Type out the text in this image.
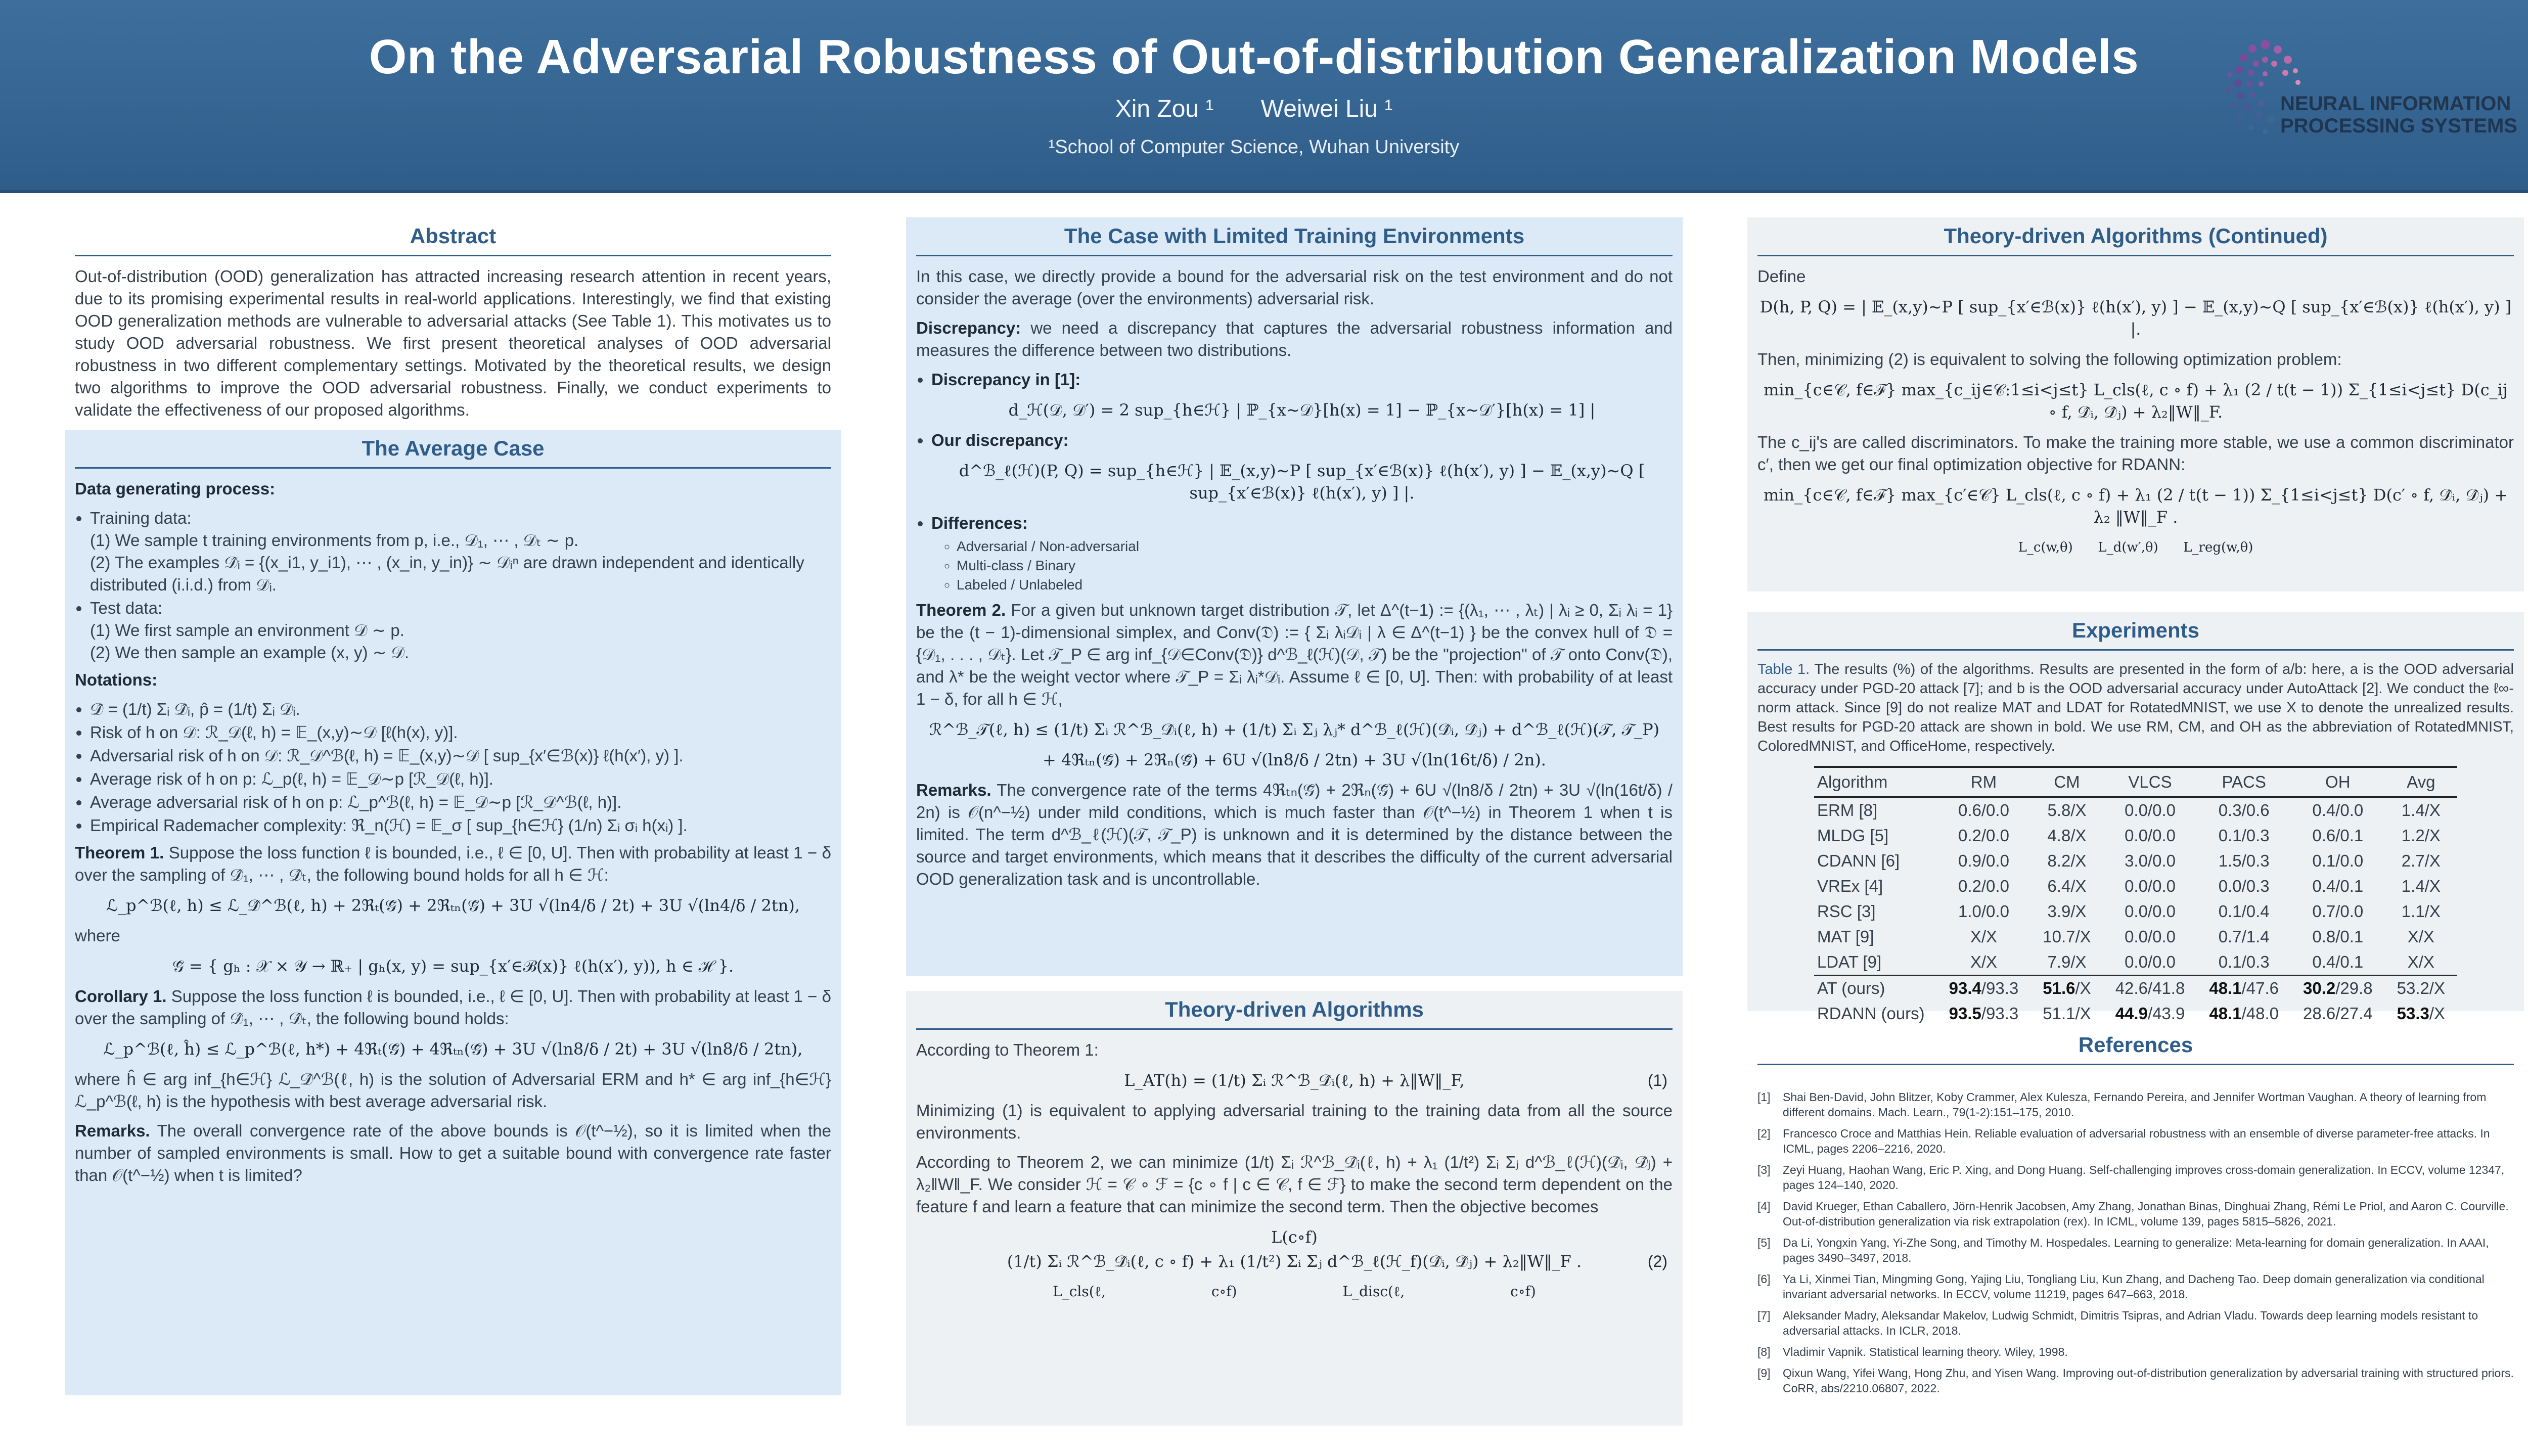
On the Adversarial Robustness of Out-of-distribution Generalization Models
Xin Zou ¹ Weiwei Liu ¹
¹School of Computer Science, Wuhan University
NEURAL INFORMATION
PROCESSING SYSTEMS
Abstract

Out-of-distribution (OOD) generalization has attracted increasing research attention in recent years, due to its promising experimental results in real-world applications. Interestingly, we find that existing OOD generalization methods are vulnerable to adversarial attacks (See Table 1). This motivates us to study OOD adversarial robustness. We first present theoretical analyses of OOD adversarial robustness in two different complementary settings. Motivated by the theoretical results, we design two algorithms to improve the OOD adversarial robustness. Finally, we conduct experiments to validate the effectiveness of our proposed algorithms.

The Average Case

Data generating process:

• Training data:
(1) We sample t training environments from p, i.e., 𝒟₁, ⋯ , 𝒟ₜ ∼ p.
(2) The examples 𝒟̂ᵢ = {(x_i1, y_i1), ⋯ , (x_in, y_in)} ∼ 𝒟ᵢⁿ are drawn independent and identically distributed (i.i.d.) from 𝒟ᵢ.
• Test data:
(1) We first sample an environment 𝒟 ∼ p.
(2) We then sample an example (x, y) ∼ 𝒟.

Notations:

• 𝒟̂ = (1/t) Σᵢ 𝒟̂ᵢ, p̂ = (1/t) Σᵢ 𝒟ᵢ.
• Risk of h on 𝒟: ℛ_𝒟(ℓ, h) = 𝔼_(x,y)∼𝒟 [ℓ(h(x), y)].
• Adversarial risk of h on 𝒟: ℛ_𝒟^ℬ(ℓ, h) = 𝔼_(x,y)∼𝒟 [ sup_{x′∈ℬ(x)} ℓ(h(x′), y) ].
• Average risk of h on p: ℒ_p(ℓ, h) = 𝔼_𝒟∼p [ℛ_𝒟(ℓ, h)].
• Average adversarial risk of h on p: ℒ_p^ℬ(ℓ, h) = 𝔼_𝒟∼p [ℛ_𝒟^ℬ(ℓ, h)].
• Empirical Rademacher complexity: ℜ_n(ℋ) = 𝔼_σ [ sup_{h∈ℋ} (1/n) Σᵢ σᵢ h(xᵢ) ].

Theorem 1. Suppose the loss function ℓ is bounded, i.e., ℓ ∈ [0, U]. Then with probability at least 1 − δ over the sampling of 𝒟̂₁, ⋯ , 𝒟̂ₜ, the following bound holds for all h ∈ ℋ:

ℒ_p^ℬ(ℓ, h) ≤ ℒ_𝒟̂^ℬ(ℓ, h) + 2ℜₜ(𝒢̃) + 2ℜₜₙ(𝒢̃) + 3U √(ln4/δ / 2t) + 3U √(ln4/δ / 2tn),

where

𝒢̃ = { gₕ : 𝒳 × 𝒴 → ℝ₊ | gₕ(x, y) = sup_{x′∈ℬ(x)} ℓ(h(x′), y)), h ∈ ℋ }.

Corollary 1. Suppose the loss function ℓ is bounded, i.e., ℓ ∈ [0, U]. Then with probability at least 1 − δ over the sampling of 𝒟̂₁, ⋯ , 𝒟̂ₜ, the following bound holds:

ℒ_p^ℬ(ℓ, ĥ) ≤ ℒ_p^ℬ(ℓ, h*) + 4ℜₜ(𝒢̃) + 4ℜₜₙ(𝒢̃) + 3U √(ln8/δ / 2t) + 3U √(ln8/δ / 2tn),

where ĥ ∈ arg inf_{h∈ℋ} ℒ_𝒟̂^ℬ(ℓ, h) is the solution of Adversarial ERM and h* ∈ arg inf_{h∈ℋ} ℒ_p^ℬ(ℓ, h) is the hypothesis with best average adversarial risk.

Remarks. The overall convergence rate of the above bounds is 𝒪(t^−½), so it is limited when the number of sampled environments is small. How to get a suitable bound with convergence rate faster than 𝒪(t^−½) when t is limited?

The Case with Limited Training Environments

In this case, we directly provide a bound for the adversarial risk on the test environment and do not consider the average (over the environments) adversarial risk.

Discrepancy: we need a discrepancy that captures the adversarial robustness information and measures the difference between two distributions.

• Discrepancy in [1]:
d_ℋ(𝒟, 𝒟′) = 2 sup_{h∈ℋ} | ℙ_{x∼𝒟}[h(x) = 1] − ℙ_{x∼𝒟′}[h(x) = 1] |
• Our discrepancy:
d^ℬ_ℓ(ℋ)(P, Q) = sup_{h∈ℋ} | 𝔼_(x,y)∼P [ sup_{x′∈ℬ(x)} ℓ(h(x′), y) ] − 𝔼_(x,y)∼Q [ sup_{x′∈ℬ(x)} ℓ(h(x′), y) ] |.
• Differences:
◦ Adversarial / Non-adversarial
◦ Multi-class / Binary
◦ Labeled / Unlabeled

Theorem 2. For a given but unknown target distribution 𝒯, let Δ^(t−1) := {(λ₁, ⋯ , λₜ) | λᵢ ≥ 0, Σᵢ λᵢ = 1} be the (t − 1)-dimensional simplex, and Conv(𝔇) := { Σᵢ λᵢ𝒟ᵢ | λ ∈ Δ^(t−1) } be the convex hull of 𝔇 = {𝒟₁, . . . , 𝒟ₜ}. Let 𝒯_P ∈ arg inf_{𝒟∈Conv(𝔇)} d^ℬ_ℓ(ℋ)(𝒟, 𝒯) be the "projection" of 𝒯 onto Conv(𝔇), and λ* be the weight vector where 𝒯_P = Σᵢ λᵢ*𝒟ᵢ. Assume ℓ ∈ [0, U]. Then: with probability of at least 1 − δ, for all h ∈ ℋ,

ℛ^ℬ_𝒯(ℓ, h) ≤ (1/t) Σᵢ ℛ^ℬ_𝒟̂ᵢ(ℓ, h) + (1/t) Σᵢ Σⱼ λⱼ* d^ℬ_ℓ(ℋ)(𝒟̂ᵢ, 𝒟̂ⱼ) + d^ℬ_ℓ(ℋ)(𝒯, 𝒯_P)
+ 4ℜₜₙ(𝒢̃) + 2ℜₙ(𝒢̃) + 6U √(ln8/δ / 2tn) + 3U √(ln(16t/δ) / 2n).

Remarks. The convergence rate of the terms 4ℜₜₙ(𝒢̃) + 2ℜₙ(𝒢̃) + 6U √(ln8/δ / 2tn) + 3U √(ln(16t/δ) / 2n) is 𝒪(n^−½) under mild conditions, which is much faster than 𝒪(t^−½) in Theorem 1 when t is limited. The term d^ℬ_ℓ(ℋ)(𝒯, 𝒯_P) is unknown and it is determined by the distance between the source and target environments, which means that it describes the difficulty of the current adversarial OOD generalization task and is uncontrollable.

Theory-driven Algorithms

According to Theorem 1:

L_AT(h) = (1/t) Σᵢ ℛ^ℬ_𝒟̂ᵢ(ℓ, h) + λ‖W‖_F,	(1)

Minimizing (1) is equivalent to applying adversarial training to the training data from all the source environments.

According to Theorem 2, we can minimize (1/t) Σᵢ ℛ^ℬ_𝒟̂ᵢ(ℓ, h) + λ₁ (1/t²) Σᵢ Σⱼ d^ℬ_ℓ(ℋ)(𝒟̂ᵢ, 𝒟̂ⱼ) + λ₂‖W‖_F. We consider ℋ = 𝒞 ∘ ℱ = {c ∘ f | c ∈ 𝒞, f ∈ ℱ} to make the second term dependent on the feature f and learn a feature that can minimize the second term. Then the objective becomes

L(c∘f)
(1/t) Σᵢ ℛ^ℬ_𝒟̂ᵢ(ℓ, c ∘ f) + λ₁ (1/t²) Σᵢ Σⱼ d^ℬ_ℓ(ℋ_f)(𝒟̂ᵢ, 𝒟̂ⱼ) + λ₂‖W‖_F .	(2)
L_cls(ℓ, c∘f)	L_disc(ℓ, c∘f)
Theory-driven Algorithms (Continued)

Define

D(h, P, Q) = | 𝔼_(x,y)∼P [ sup_{x′∈ℬ(x)} ℓ(h(x′), y) ] − 𝔼_(x,y)∼Q [ sup_{x′∈ℬ(x)} ℓ(h(x′), y) ] |.

Then, minimizing (2) is equivalent to solving the following optimization problem:

min_{c∈𝒞, f∈ℱ} max_{c_ij∈𝒞:1≤i<j≤t} L_cls(ℓ, c ∘ f) + λ₁ (2 / t(t − 1)) Σ_{1≤i<j≤t} D(c_ij ∘ f, 𝒟̂ᵢ, 𝒟̂ⱼ) + λ₂‖W‖_F.

The c_ij's are called discriminators. To make the training more stable, we use a common discriminator c′, then we get our final optimization objective for RDANN:

min_{c∈𝒞, f∈ℱ} max_{c′∈𝒞} L_cls(ℓ, c ∘ f) + λ₁ (2 / t(t − 1)) Σ_{1≤i<j≤t} D(c′ ∘ f, 𝒟̂ᵢ, 𝒟̂ⱼ) + λ₂ ‖W‖_F .
L_c(w,θ)      L_d(w′,θ)      L_reg(w,θ)
Experiments
Table 1. The results (%) of the algorithms. Results are presented in the form of a/b: here, a is the OOD adversarial accuracy under PGD-20 attack [7]; and b is the OOD adversarial accuracy under AutoAttack [2]. We conduct the ℓ∞-norm attack. Since [9] do not realize MAT and LDAT for RotatedMNIST, we use X to denote the unrealized results. Best results for PGD-20 attack are shown in bold. We use RM, CM, and OH as the abbreviation of RotatedMNIST, ColoredMNIST, and OfficeHome, respectively.
Algorithm	RM	CM	VLCS	PACS	OH	Avg
ERM [8]	0.6/0.0	5.8/X	0.0/0.0	0.3/0.6	0.4/0.0	1.4/X
MLDG [5]	0.2/0.0	4.8/X	0.0/0.0	0.1/0.3	0.6/0.1	1.2/X
CDANN [6]	0.9/0.0	8.2/X	3.0/0.0	1.5/0.3	0.1/0.0	2.7/X
VREx [4]	0.2/0.0	6.4/X	0.0/0.0	0.0/0.3	0.4/0.1	1.4/X
RSC [3]	1.0/0.0	3.9/X	0.0/0.0	0.1/0.4	0.7/0.0	1.1/X
MAT [9]	X/X	10.7/X	0.0/0.0	0.7/1.4	0.8/0.1	X/X
LDAT [9]	X/X	7.9/X	0.0/0.0	0.1/0.3	0.4/0.1	X/X
AT (ours)	93.4/93.3	51.6/X	42.6/41.8	48.1/47.6	30.2/29.8	53.2/X
RDANN (ours)	93.5/93.3	51.1/X	44.9/43.9	48.1/48.0	28.6/27.4	53.3/X
References
[1]	Shai Ben-David, John Blitzer, Koby Crammer, Alex Kulesza, Fernando Pereira, and Jennifer Wortman Vaughan. A theory of learning from different domains. Mach. Learn., 79(1-2):151–175, 2010.
[2]	Francesco Croce and Matthias Hein. Reliable evaluation of adversarial robustness with an ensemble of diverse parameter-free attacks. In ICML, pages 2206–2216, 2020.
[3]	Zeyi Huang, Haohan Wang, Eric P. Xing, and Dong Huang. Self-challenging improves cross-domain generalization. In ECCV, volume 12347, pages 124–140, 2020.
[4]	David Krueger, Ethan Caballero, Jörn-Henrik Jacobsen, Amy Zhang, Jonathan Binas, Dinghuai Zhang, Rémi Le Priol, and Aaron C. Courville. Out-of-distribution generalization via risk extrapolation (rex). In ICML, volume 139, pages 5815–5826, 2021.
[5]	Da Li, Yongxin Yang, Yi-Zhe Song, and Timothy M. Hospedales. Learning to generalize: Meta-learning for domain generalization. In AAAI, pages 3490–3497, 2018.
[6]	Ya Li, Xinmei Tian, Mingming Gong, Yajing Liu, Tongliang Liu, Kun Zhang, and Dacheng Tao. Deep domain generalization via conditional invariant adversarial networks. In ECCV, volume 11219, pages 647–663, 2018.
[7]	Aleksander Madry, Aleksandar Makelov, Ludwig Schmidt, Dimitris Tsipras, and Adrian Vladu. Towards deep learning models resistant to adversarial attacks. In ICLR, 2018.
[8]	Vladimir Vapnik. Statistical learning theory. Wiley, 1998.
[9]	Qixun Wang, Yifei Wang, Hong Zhu, and Yisen Wang. Improving out-of-distribution generalization by adversarial training with structured priors. CoRR, abs/2210.06807, 2022.
